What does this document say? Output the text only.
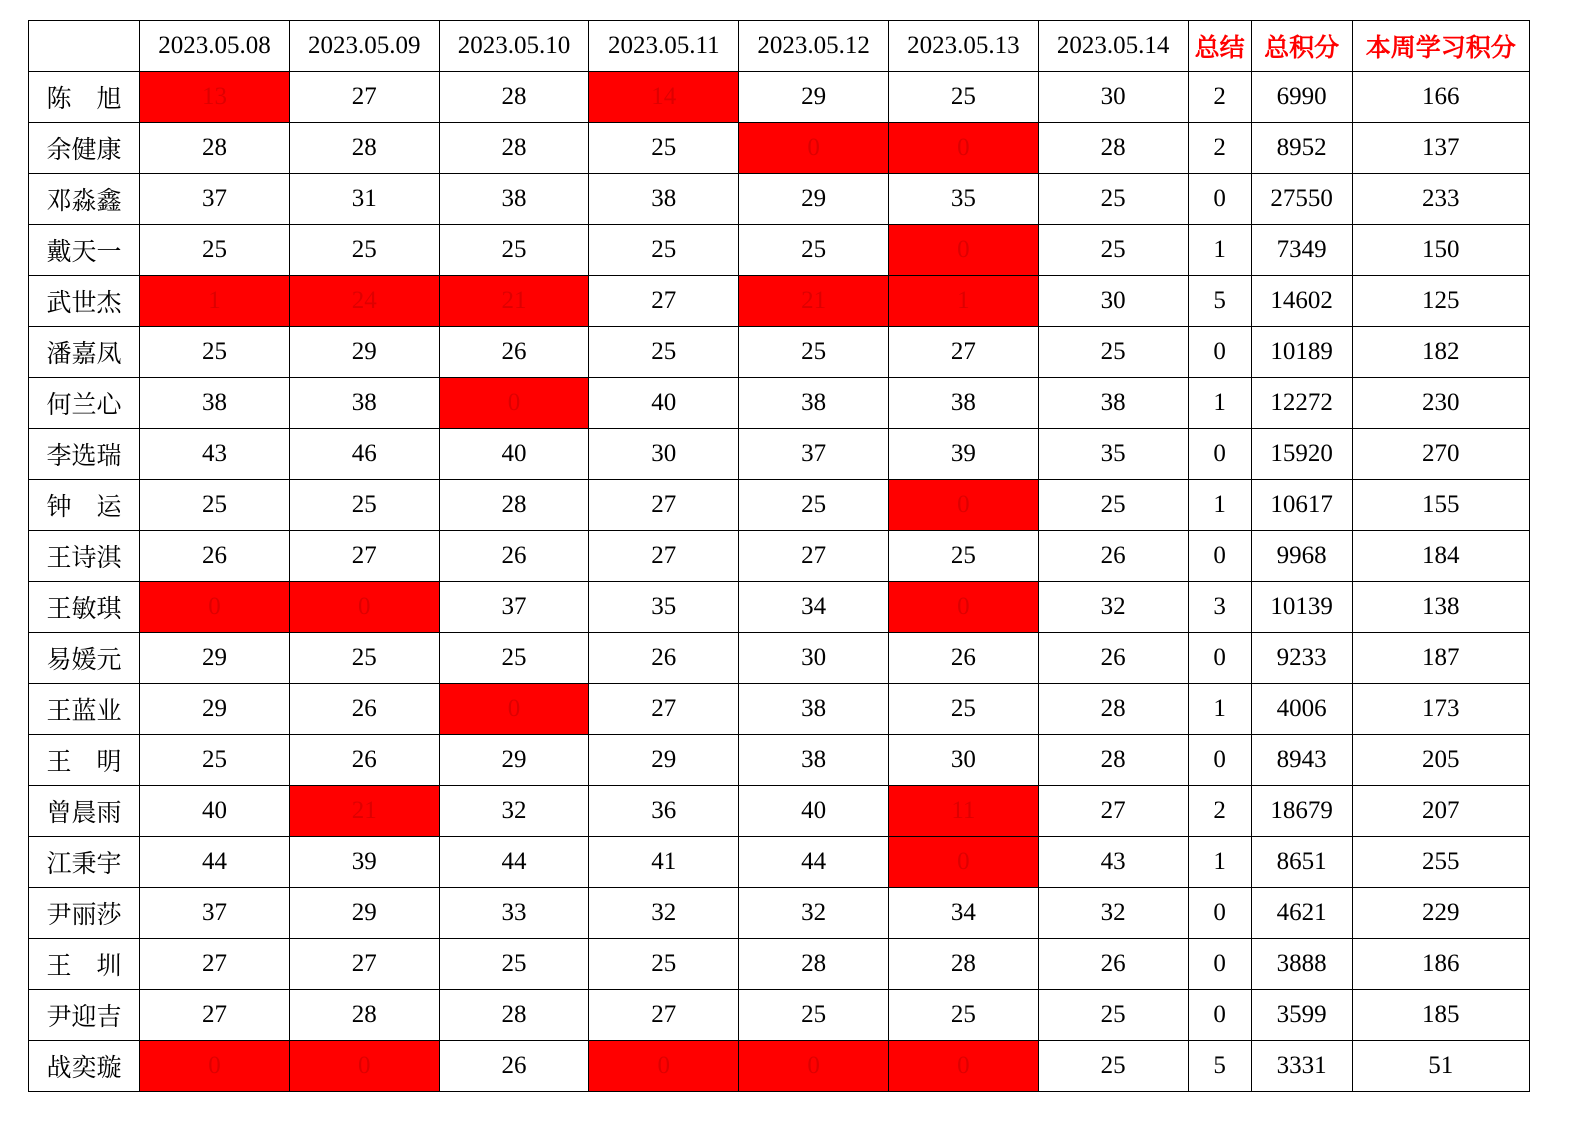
	2023.05.08	2023.05.09	2023.05.10	2023.05.11	2023.05.12	2023.05.13	2023.05.14	总结	总积分	本周学习积分

陈 旭	13	27	28	14	29	25	30	2	6990	166
余健康	28	28	28	25	0	0	28	2	8952	137
邓淼鑫	37	31	38	38	29	35	25	0	27550	233
戴天一	25	25	25	25	25	0	25	1	7349	150
武世杰	1	24	21	27	21	1	30	5	14602	125
潘嘉凤	25	29	26	25	25	27	25	0	10189	182
何兰心	38	38	0	40	38	38	38	1	12272	230
李选瑞	43	46	40	30	37	39	35	0	15920	270

钟 运	25	25	28	27	25	0	25	1	10617	155
王诗淇	26	27	26	27	27	25	26	0	9968	184
王敏琪	0	0	37	35	34	0	32	3	10139	138
易媛元	29	25	25	26	30	26	26	0	9233	187
王蓝业	29	26	0	27	38	25	28	1	4006	173

王 明	25	26	29	29	38	30	28	0	8943	205
曾晨雨	40	21	32	36	40	11	27	2	18679	207
江秉宇	44	39	44	41	44	0	43	1	8651	255
尹丽莎	37	29	33	32	32	34	32	0	4621	229

王 圳	27	27	25	25	28	28	26	0	3888	186
尹迎吉	27	28	28	27	25	25	25	0	3599	185
战奕璇	0	0	26	0	0	0	25	5	3331	51
